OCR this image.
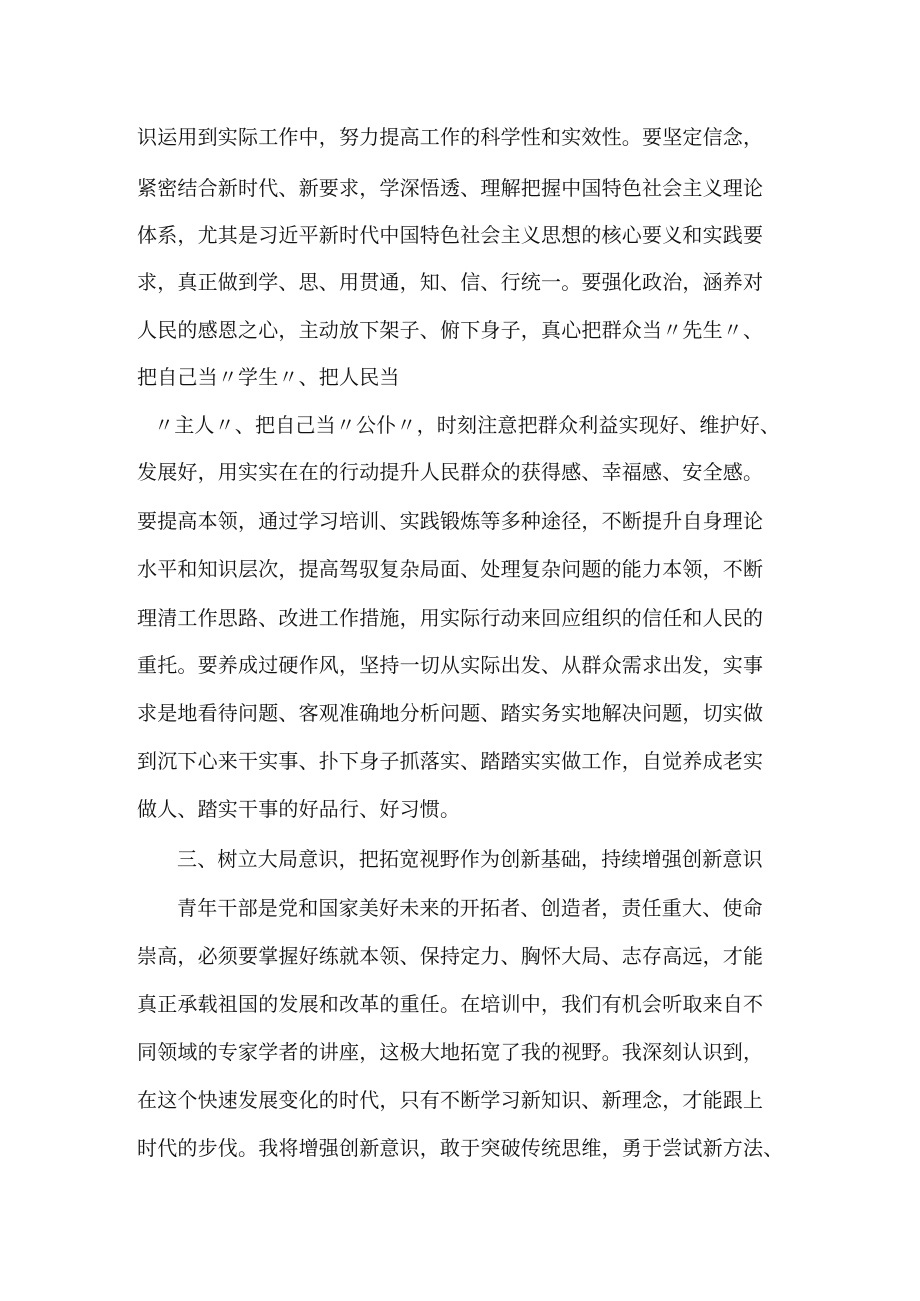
识运用到实际工作中，努力提高工作的科学性和实效性。要坚定信念，
紧密结合新时代、新要求，学深悟透、理解把握中国特色社会主义理论
体系，尤其是习近平新时代中国特色社会主义思想的核心要义和实践要
求，真正做到学、思、用贯通，知、信、行统一。要强化政治，涵养对
人民的感恩之心，主动放下架子、俯下身子，真心把群众当〃先生〃、
把自己当〃学生〃、把人民当
〃主人〃、把自己当〃公仆〃，时刻注意把群众利益实现好、维护好、
发展好，用实实在在的行动提升人民群众的获得感、幸福感、安全感。
要提高本领，通过学习培训、实践锻炼等多种途径，不断提升自身理论
水平和知识层次，提高驾驭复杂局面、处理复杂问题的能力本领，不断
理清工作思路、改进工作措施，用实际行动来回应组织的信任和人民的
重托。要养成过硬作风，坚持一切从实际出发、从群众需求出发，实事
求是地看待问题、客观准确地分析问题、踏实务实地解决问题，切实做
到沉下心来干实事、扑下身子抓落实、踏踏实实做工作，自觉养成老实
做人、踏实干事的好品行、好习惯。
三、树立大局意识，把拓宽视野作为创新基础，持续增强创新意识
青年干部是党和国家美好未来的开拓者、创造者，责任重大、使命
崇高，必须要掌握好练就本领、保持定力、胸怀大局、志存高远，才能
真正承载祖国的发展和改革的重任。在培训中，我们有机会听取来自不
同领域的专家学者的讲座，这极大地拓宽了我的视野。我深刻认识到，
在这个快速发展变化的时代，只有不断学习新知识、新理念，才能跟上
时代的步伐。我将增强创新意识，敢于突破传统思维，勇于尝试新方法、
